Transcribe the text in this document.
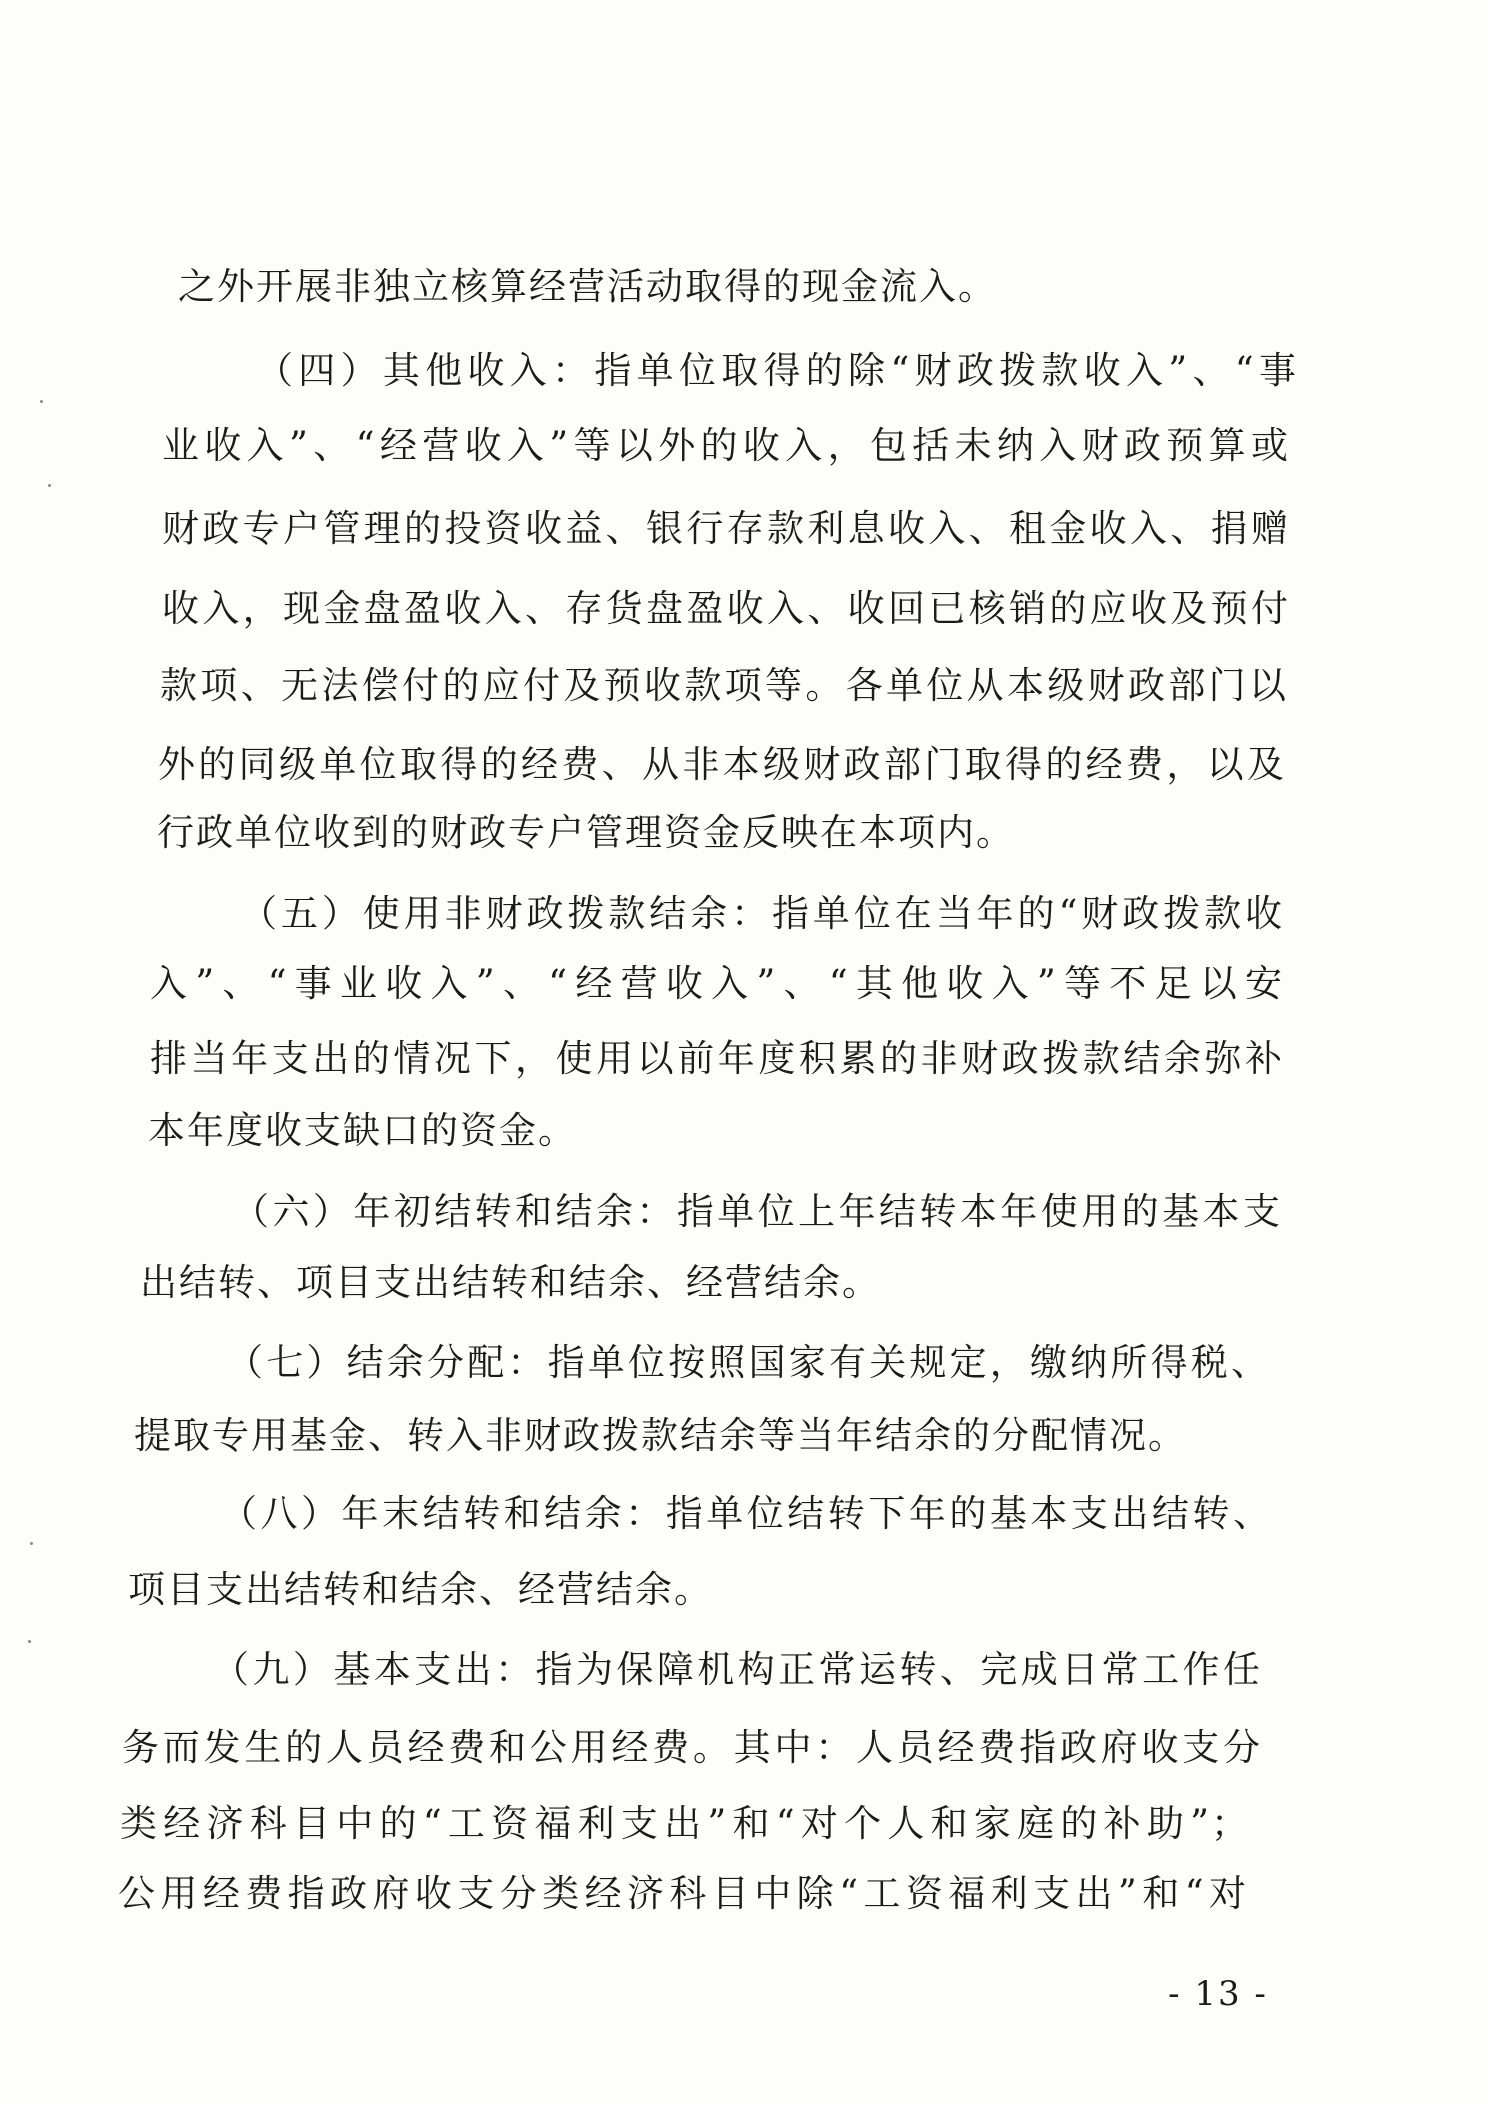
之外开展非独立核算经营活动取得的现金流入。
（四）其他收入：指单位取得的除“财政拨款收入”、“事
业收入”、“经营收入”等以外的收入，包括未纳入财政预算或
财政专户管理的投资收益、银行存款利息收入、租金收入、捐赠
收入，现金盘盈收入、存货盘盈收入、收回已核销的应收及预付
款项、无法偿付的应付及预收款项等。各单位从本级财政部门以
外的同级单位取得的经费、从非本级财政部门取得的经费，以及
行政单位收到的财政专户管理资金反映在本项内。
（五）使用非财政拨款结余：指单位在当年的“财政拨款收
入”、“事业收入”、“经营收入”、“其他收入”等不足以安
排当年支出的情况下，使用以前年度积累的非财政拨款结余弥补
本年度收支缺口的资金。
（六）年初结转和结余：指单位上年结转本年使用的基本支
出结转、项目支出结转和结余、经营结余。
（七）结余分配：指单位按照国家有关规定，缴纳所得税、
提取专用基金、转入非财政拨款结余等当年结余的分配情况。
（八）年末结转和结余：指单位结转下年的基本支出结转、
项目支出结转和结余、经营结余。
（九）基本支出：指为保障机构正常运转、完成日常工作任
务而发生的人员经费和公用经费。其中：人员经费指政府收支分
类经济科目中的“工资福利支出”和“对个人和家庭的补助”；
公用经费指政府收支分类经济科目中除“工资福利支出”和“对
- 13 -
